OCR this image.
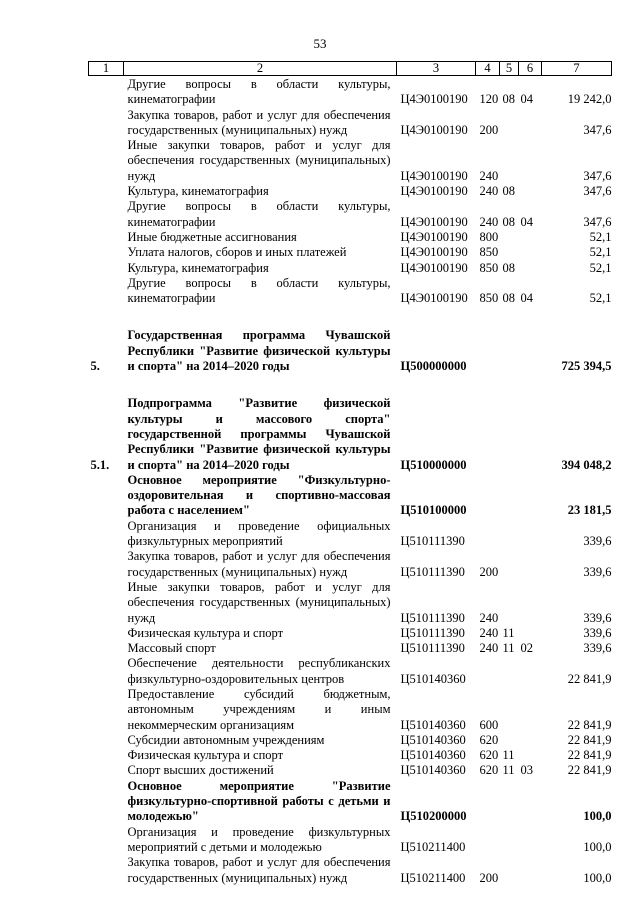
53
1	2	3	4	5	6	7
	Другие вопросы в области культуры, кинематографии	Ц4Э0100190	120	08	04	19 242,0
	Закупка товаров, работ и услуг для обеспечения государственных (муниципальных) нужд	Ц4Э0100190	200			347,6
	Иные закупки товаров, работ и услуг для обеспечения государственных (муниципальных) нужд	Ц4Э0100190	240			347,6
	Культура, кинематография	Ц4Э0100190	240	08		347,6
	Другие вопросы в области культуры, кинематографии	Ц4Э0100190	240	08	04	347,6
	Иные бюджетные ассигнования	Ц4Э0100190	800			52,1
	Уплата налогов, сборов и иных платежей	Ц4Э0100190	850			52,1
	Культура, кинематография	Ц4Э0100190	850	08		52,1
	Другие вопросы в области культуры, кинематографии	Ц4Э0100190	850	08	04	52,1

5.	Государственная программа Чувашской Республики "Развитие физической культуры и спорта" на 2014–2020 годы	Ц500000000				725 394,5

5.1.	Подпрограмма "Развитие физической культуры и массового спорта" государственной программы Чувашской Республики "Развитие физической культуры и спорта" на 2014–2020 годы	Ц510000000				394 048,2
	Основное мероприятие "Физкультурно-оздоровительная и спортивно-массовая работа с населением"	Ц510100000				23 181,5
	Организация и проведение официальных физкультурных мероприятий	Ц510111390				339,6
	Закупка товаров, работ и услуг для обеспечения государственных (муниципальных) нужд	Ц510111390	200			339,6
	Иные закупки товаров, работ и услуг для обеспечения государственных (муниципальных) нужд	Ц510111390	240			339,6
	Физическая культура и спорт	Ц510111390	240	11		339,6
	Массовый спорт	Ц510111390	240	11	02	339,6
	Обеспечение деятельности республиканских физкультурно-оздоровительных центров	Ц510140360				22 841,9
	Предоставление субсидий бюджетным, автономным учреждениям и иным некоммерческим организациям	Ц510140360	600			22 841,9
	Субсидии автономным учреждениям	Ц510140360	620			22 841,9
	Физическая культура и спорт	Ц510140360	620	11		22 841,9
	Спорт высших достижений	Ц510140360	620	11	03	22 841,9
	Основное мероприятие "Развитие физкультурно-спортивной работы с детьми и молодежью"	Ц510200000				100,0
	Организация и проведение физкультурных мероприятий с детьми и молодежью	Ц510211400				100,0
	Закупка товаров, работ и услуг для обеспечения государственных (муниципальных) нужд	Ц510211400	200			100,0
